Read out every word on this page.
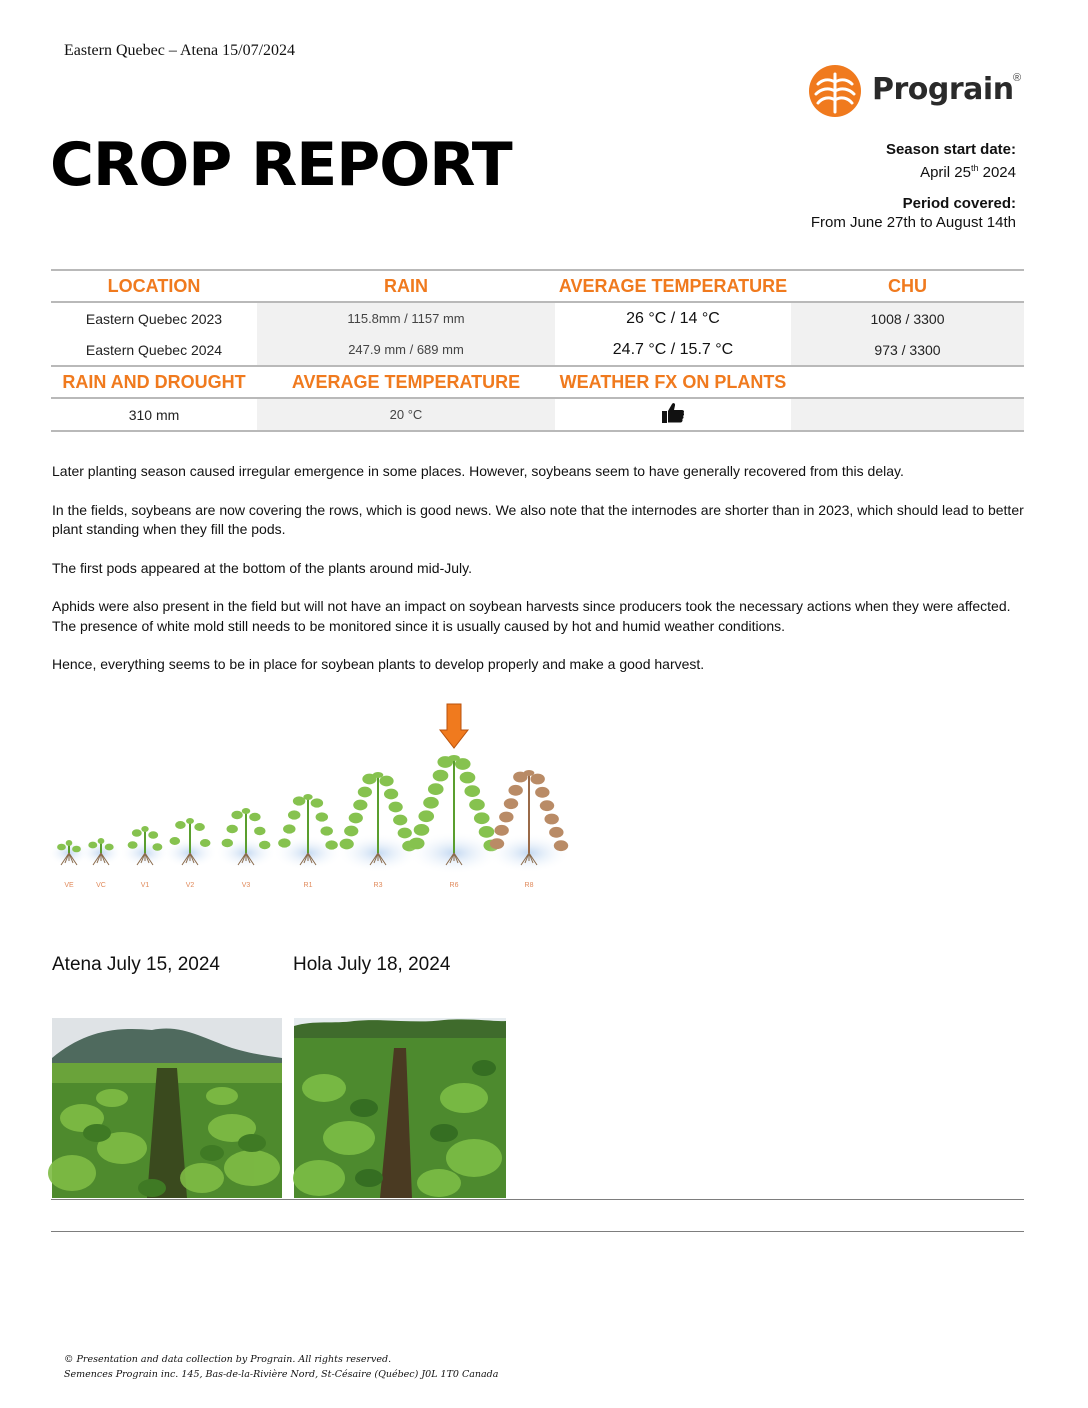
Eastern Quebec – Atena 15/07/2024
Prograin ®
CROP REPORT	Season start date:
April 25th 2024
Period covered:
From June 27th to August 14th
LOCATION	RAIN	AVERAGE TEMPERATURE	CHU
Eastern Quebec 2023	115.8mm / 1157 mm	26 °C / 14 °C	1008 / 3300
Eastern Quebec 2024	247.9 mm / 689 mm	24.7 °C / 15.7 °C	973 / 3300
RAIN AND DROUGHT	AVERAGE TEMPERATURE	WEATHER FX ON PLANTS	
310 mm	20 °C		

Later planting season caused irregular emergence in some places. However, soybeans seem to have generally recovered from this delay.

In the fields, soybeans are now covering the rows, which is good news. We also note that the internodes are shorter than in 2023, which should lead to better plant standing when they fill the pods.

The first pods appeared at the bottom of the plants around mid-July.

Aphids were also present in the field but will not have an impact on soybean harvests since producers took the necessary actions when they were affected. The presence of white mold still needs to be monitored since it is usually caused by hot and humid weather conditions.

Hence, everything seems to be in place for soybean plants to develop properly and make a good harvest.

VE	VC	V1	V2	V3	R1	R3	R6	R8
Atena July 15, 2024	Hola July 18, 2024
© Presentation and data collection by Prograin. All rights reserved.
Semences Prograin inc. 145, Bas-de-la-Rivière Nord, St-Césaire (Québec) J0L 1T0 Canada
